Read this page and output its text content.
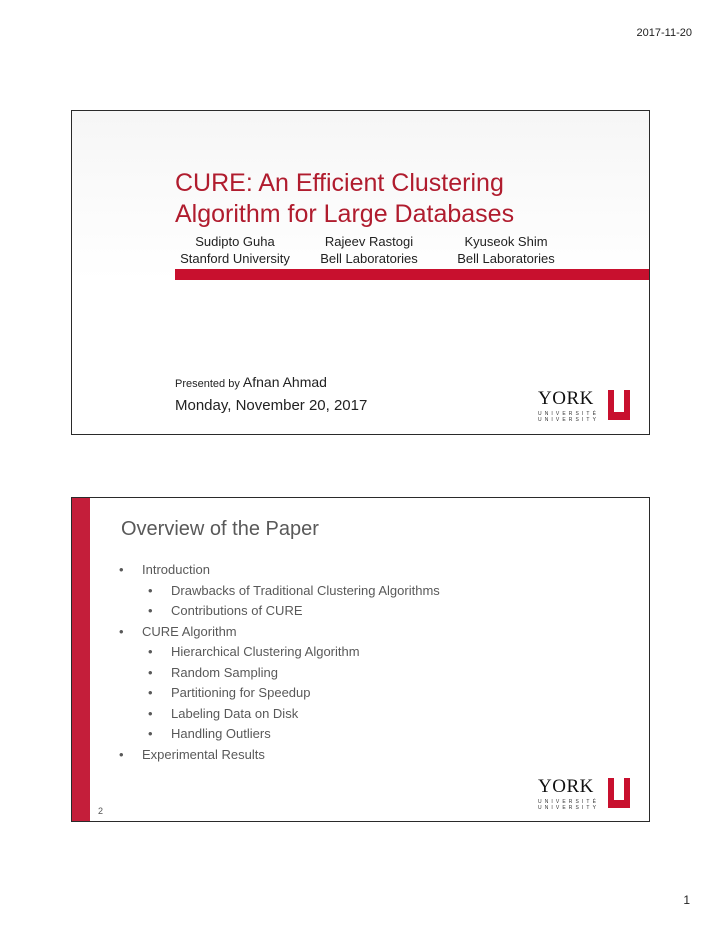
2017-11-20
CURE: An Efficient Clustering
Algorithm for Large Databases
Sudipto Guha
Stanford University
Rajeev Rastogi
Bell Laboratories
Kyuseok Shim
Bell Laboratories
Presented by Afnan Ahmad
Monday, November 20, 2017	YORK
UNIVERSITÉ
UNIVERSITY
Overview of the Paper
• Introduction
• Drawbacks of Traditional Clustering Algorithms
• Contributions of CURE
• CURE Algorithm
• Hierarchical Clustering Algorithm
• Random Sampling
• Partitioning for Speedup
• Labeling Data on Disk
• Handling Outliers
• Experimental Results
2
YORK
UNIVERSITÉ
UNIVERSITY
1
